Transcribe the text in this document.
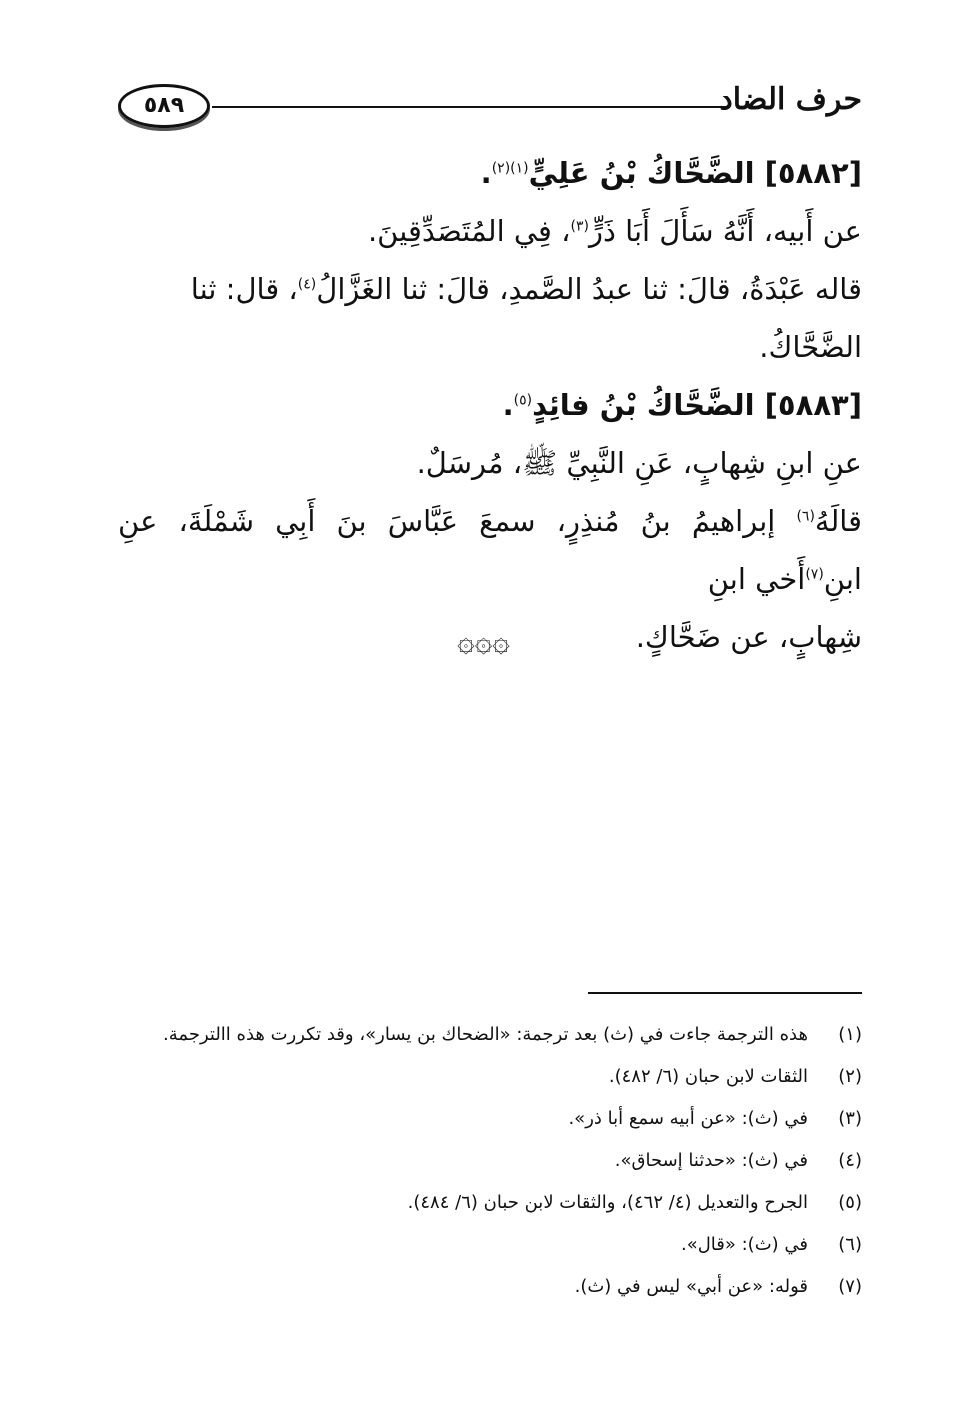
حرف الضاد
٥٨٩

[٥٨٨٢] الضَّحَّاكُ بْنُ عَلِيٍّ$^{(١)(٢)}$.

عن أَبيه، أَنَّهُ سَأَلَ أَبَا ذَرٍّ$^{(٣)}$، فِي المُتَصَدِّقِينَ.

قاله عَبْدَةُ، قالَ: ثنا عبدُ الصَّمدِ، قالَ: ثنا الغَزَّالُ$^{(٤)}$، قال: ثنا

الضَّحَّاكُ.

[٥٨٨٣] الضَّحَّاكُ بْنُ فائِدٍ$^{(٥)}$.

عنِ ابنِ شِهابٍ، عَنِ النَّبِيِّ ﷺ، مُرسَلٌ.

قالَهُ$^{(٦)}$ إبراهيمُ بنُ مُنذِرٍ، سمعَ عَبَّاسَ بنَ أَبِي شَمْلَةَ، عنِ ابنِ$^{(٧)}$أَخي ابنِ

شِهابٍ، عن ضَحَّاكٍ.

۞۞۞

(١)
هذه الترجمة جاءت في (ث) بعد ترجمة: «الضحاك بن يسار»، وقد تكررت هذه االترجمة.

(٢)
الثقات لابن حبان (٦/ ٤٨٢).

(٣)
في (ث): «عن أبيه سمع أبا ذر».

(٤)
في (ث): «حدثنا إسحاق».

(٥)
الجرح والتعديل (٤/ ٤٦٢)، والثقات لابن حبان (٦/ ٤٨٤).

(٦)
في (ث): «قال».

(٧)
قوله: «عن أبي» ليس في (ث).
